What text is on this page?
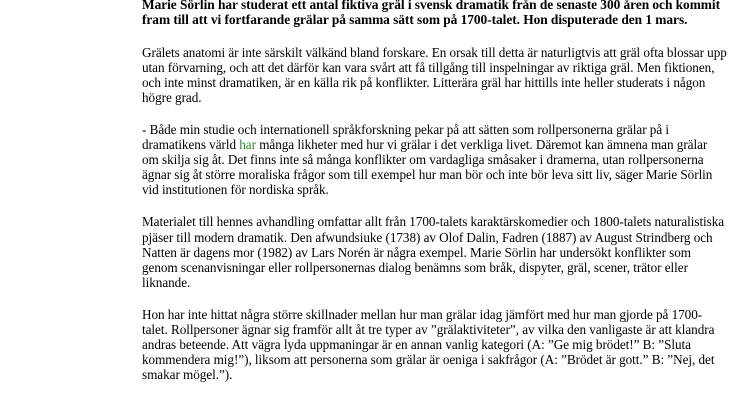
Marie Sörlin har studerat ett antal fiktiva gräl i svensk dramatik från de senaste 300 åren och kommit fram till att vi fortfarande grälar på samma sätt som på 1700-talet. Hon disputerade den 1 mars.

Grälets anatomi är inte särskilt välkänd bland forskare. En orsak till detta är naturligtvis att gräl ofta blossar upp utan förvarning, och att det därför kan vara svårt att få tillgång till inspelningar av riktiga gräl. Men fiktionen, och inte minst dramatiken, är en källa rik på konflikter. Litterära gräl har hittills inte heller studerats i någon högre grad.

- Både min studie och internationell språkforskning pekar på att sätten som rollpersonerna grälar på i dramatikens värld har många likheter med hur vi grälar i det verkliga livet. Däremot kan ämnena man grälar om skilja sig åt. Det finns inte så många konflikter om vardagliga småsaker i dramerna, utan rollpersonerna ägnar sig åt större moraliska frågor som till exempel hur man bör och inte bör leva sitt liv, säger Marie Sörlin vid institutionen för nordiska språk.

Materialet till hennes avhandling omfattar allt från 1700-talets karaktärskomedier och 1800-talets naturalistiska pjäser till modern dramatik. Den afwundsiuke (1738) av Olof Dalin, Fadren (1887) av August Strindberg och Natten är dagens mor (1982) av Lars Norén är några exempel. Marie Sörlin har undersökt konflikter som genom scenanvisningar eller rollpersonernas dialog benämns som bråk, dispyter, gräl, scener, trätor eller liknande.

Hon har inte hittat några större skillnader mellan hur man grälar idag jämfört med hur man gjorde på 1700-talet. Rollpersoner ägnar sig framför allt åt tre typer av ”grälaktiviteter”, av vilka den vanligaste är att klandra andras beteende. Att vägra lyda uppmaningar är en annan vanlig kategori (A: ”Ge mig brödet!” B: ”Sluta kommendera mig!”), liksom att personerna som grälar är oeniga i sakfrågor (A: ”Brödet är gott.” B: ”Nej, det smakar mögel.”).
